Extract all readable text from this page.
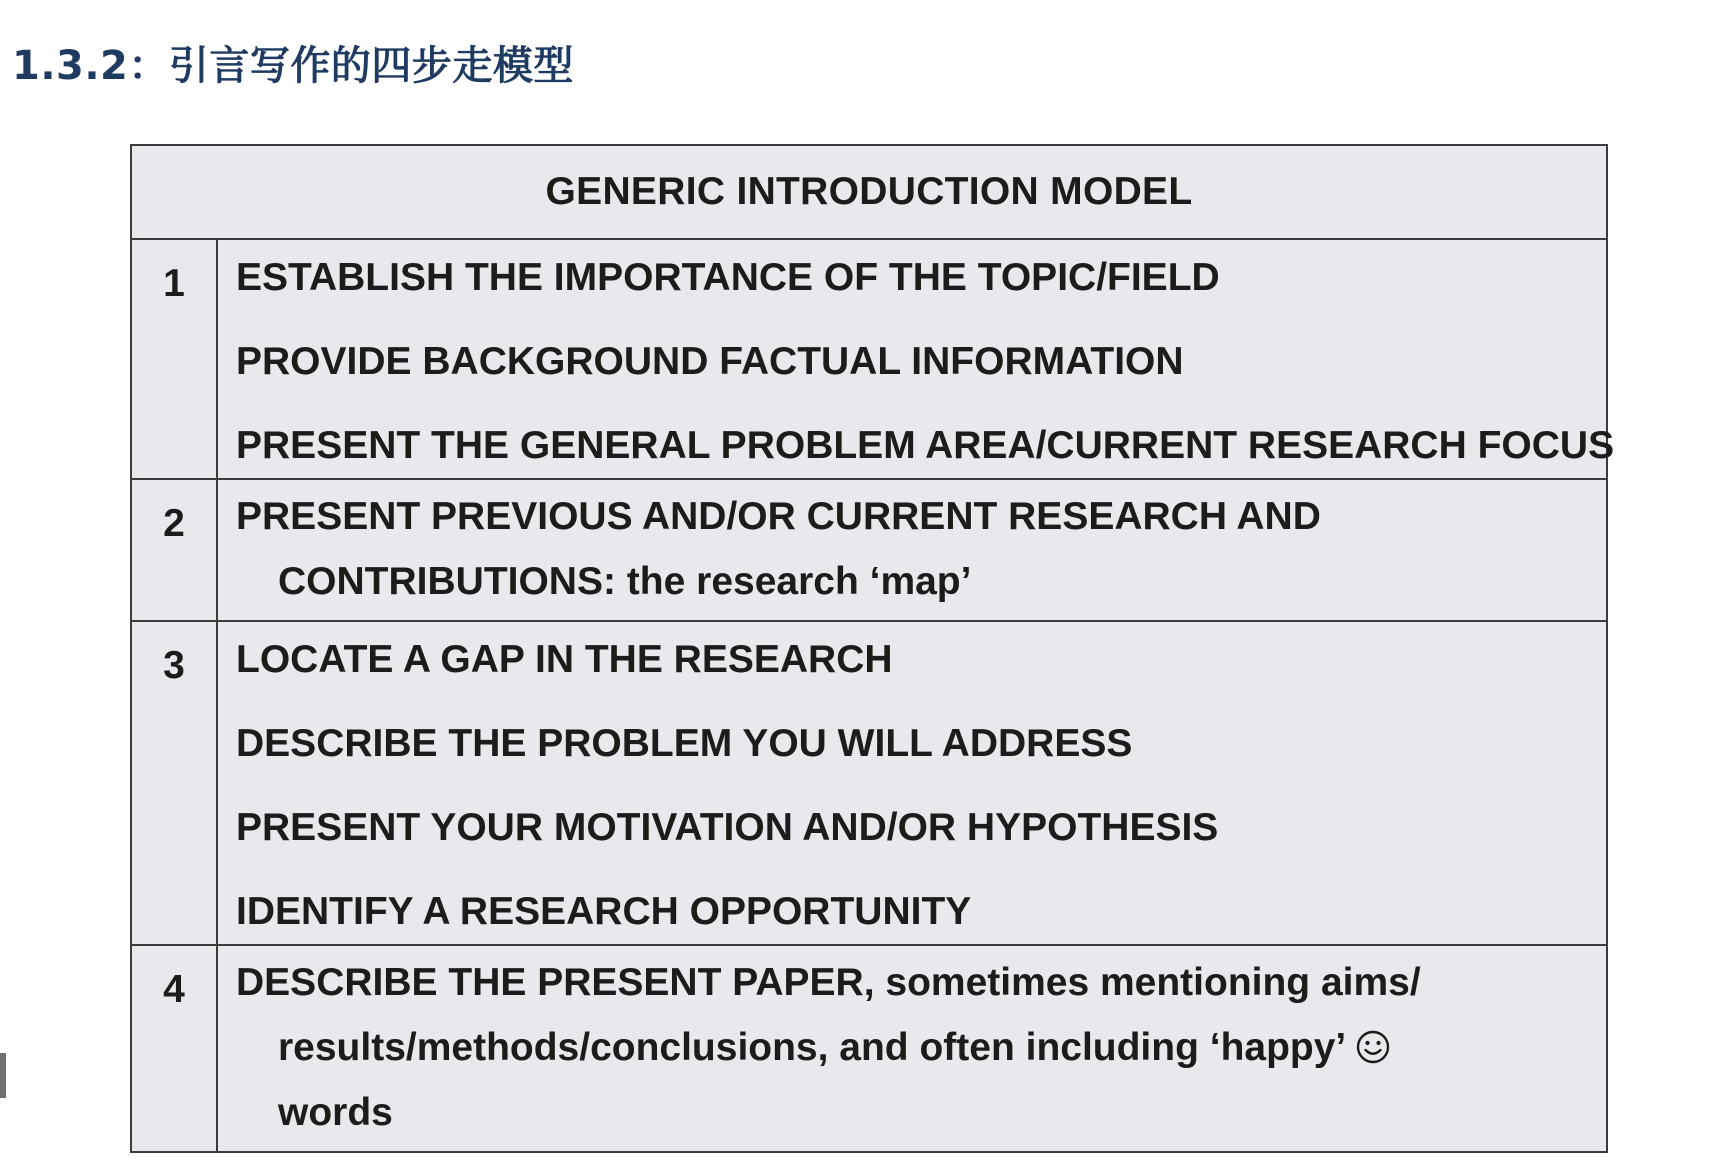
1.3.2：引言写作的四步走模型
GENERIC INTRODUCTION MODEL	
1	ESTABLISH THE IMPORTANCE OF THE TOPIC/FIELD
PROVIDE BACKGROUND FACTUAL INFORMATION
PRESENT THE GENERAL PROBLEM AREA/CURRENT RESEARCH FOCUS

2	PRESENT PREVIOUS AND/OR CURRENT RESEARCH AND
CONTRIBUTIONS: the research ‘map’

3	LOCATE A GAP IN THE RESEARCH
DESCRIBE THE PROBLEM YOU WILL ADDRESS
PRESENT YOUR MOTIVATION AND/OR HYPOTHESIS
IDENTIFY A RESEARCH OPPORTUNITY

4	DESCRIBE THE PRESENT PAPER, sometimes mentioning aims/
results/methods/conclusions, and often including ‘happy’
words
